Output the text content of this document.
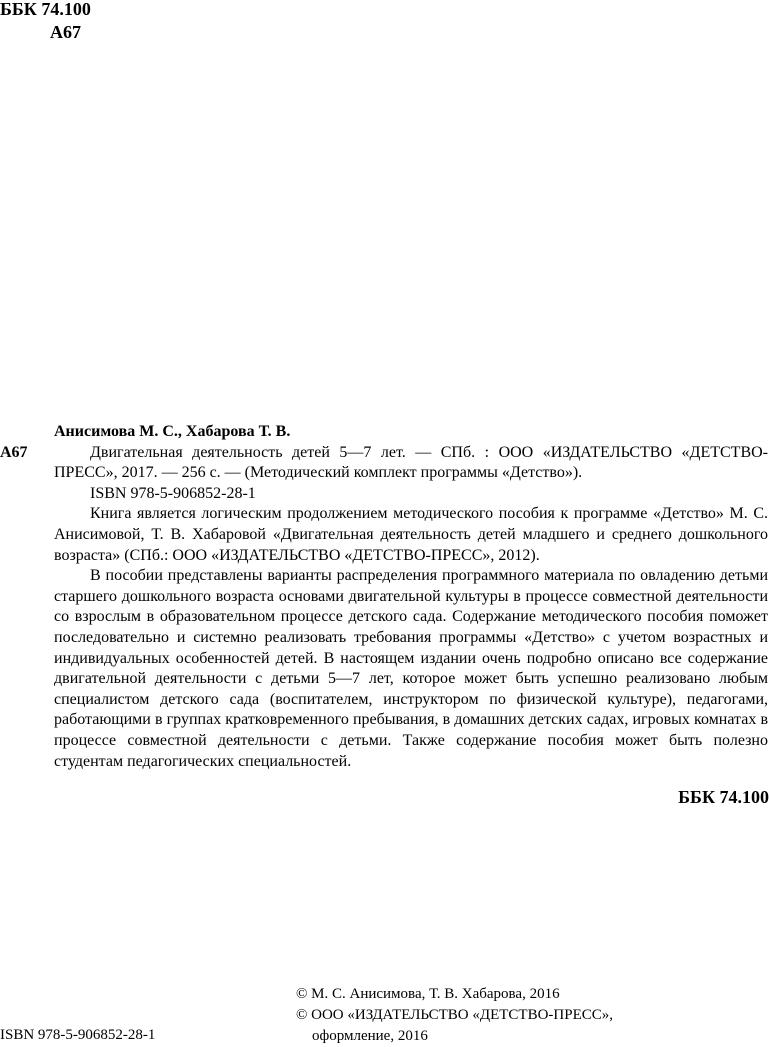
ББК 74.100
А67
А67
Анисимова М. С., Хабарова Т. В.
Двигательная деятельность детей 5—7 лет. — СПб. : ООО «ИЗДАТЕЛЬСТВО «ДЕТСТВО-ПРЕСС», 2017. — 256 с. — (Методический комплект программы «Детство»).
ISBN 978-5-906852-28-1
Книга является логическим продолжением методического пособия к программе «Детство» М. С. Анисимовой, Т. В. Хабаровой «Двигательная деятельность детей младшего и среднего дошкольного возраста» (СПб.: ООО «ИЗДАТЕЛЬСТВО «ДЕТСТВО-ПРЕСС», 2012).
В пособии представлены варианты распределения программного материала по овладению детьми старшего дошкольного возраста основами двигательной культуры в процессе совместной деятельности со взрослым в образовательном процессе детского сада. Содержание методического пособия поможет последовательно и системно реализовать требования программы «Детство» с учетом возрастных и индивидуальных особенностей детей. В настоящем издании очень подробно описано все содержание двигательной деятельности с детьми 5—7 лет, которое может быть успешно реализовано любым специалистом детского сада (воспитателем, инструктором по физической культуре), педагогами, работающими в группах кратковременного пребывания, в домашних детских садах, игровых комнатах в процессе совместной деятельности с детьми. Также содержание пособия может быть полезно студентам педагогических специальностей.
ББК 74.100
ISBN 978-5-906852-28-1
© М. С. Анисимова, Т. В. Хабарова, 2016
© ООО «ИЗДАТЕЛЬСТВО «ДЕТСТВО-ПРЕСС»,
оформление, 2016
